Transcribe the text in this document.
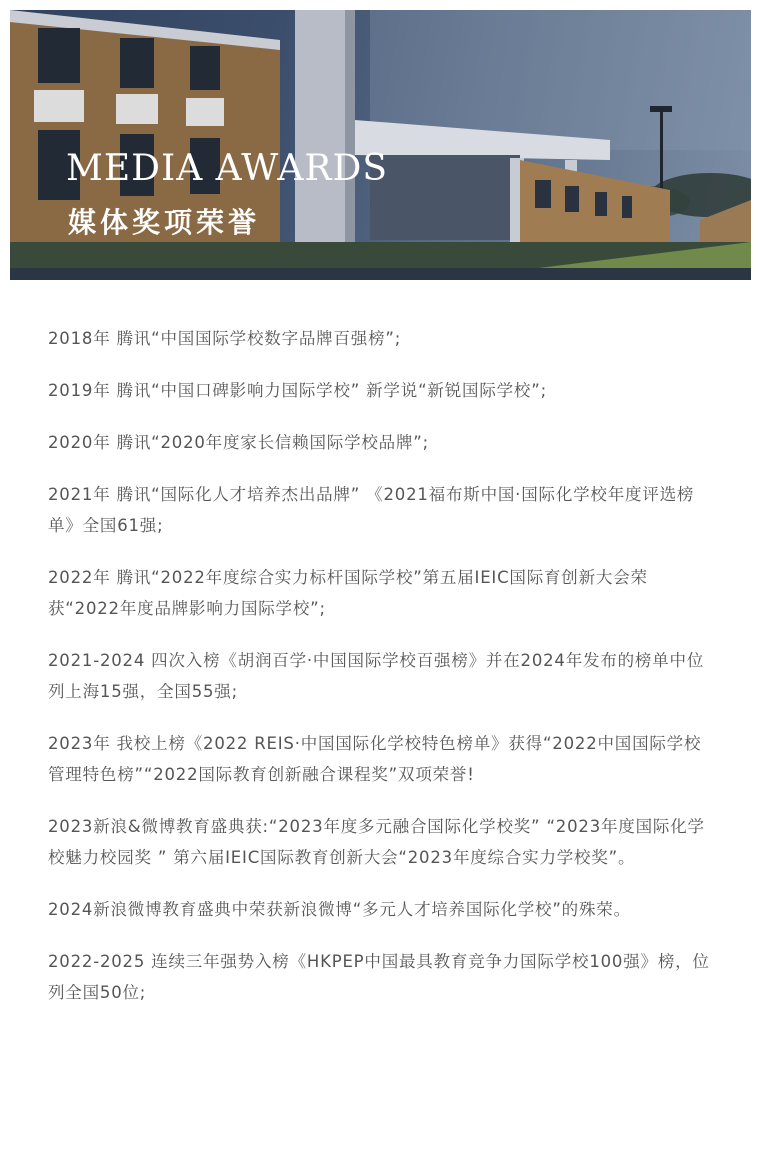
MEDIA AWARDS
媒体奖项荣誉
2018年 腾讯“中国国际学校数字品牌百强榜”;
2019年 腾讯“中国口碑影响力国际学校” 新学说“新锐国际学校”;
2020年 腾讯“2020年度家长信赖国际学校品牌”;
2021年 腾讯“国际化人才培养杰出品牌” 《2021福布斯中国·国际化学校年度评选榜单》全国61强;
2022年 腾讯“2022年度综合实力标杆国际学校”第五届IEIC国际育创新大会荣获“2022年度品牌影响力国际学校”;
2021-2024 四次入榜《胡润百学·中国国际学校百强榜》并在2024年发布的榜单中位列上海15强，全国55强;
2023年 我校上榜《2022 REIS·中国国际化学校特色榜单》获得“2022中国国际学校管理特色榜”“2022国际教育创新融合课程奖”双项荣誉!
2023新浪&微博教育盛典获:“2023年度多元融合国际化学校奖” “2023年度国际化学校魅力校园奖 ” 第六届IEIC国际教育创新大会“2023年度综合实力学校奖”。
2024新浪微博教育盛典中荣获新浪微博“多元人才培养国际化学校”的殊荣。
2022-2025 连续三年强势入榜《HKPEP中国最具教育竞争力国际学校100强》榜，位列全国50位;
